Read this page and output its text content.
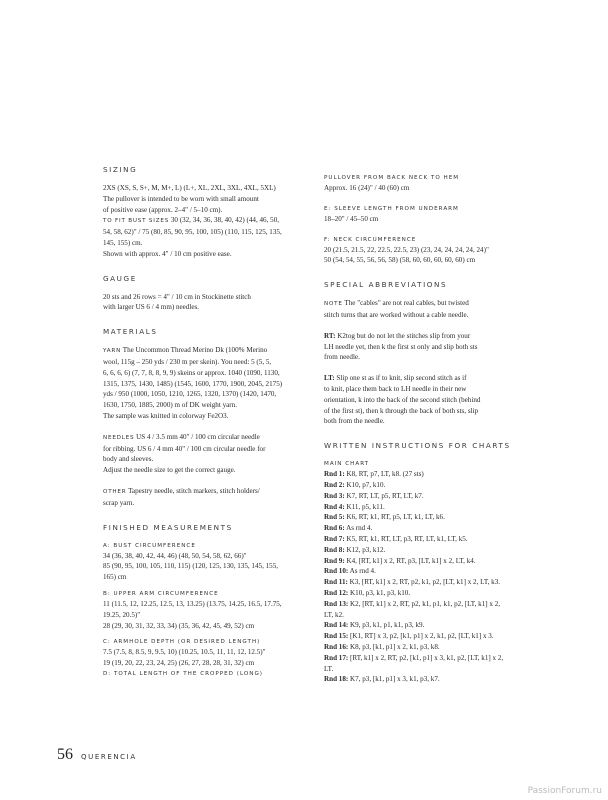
SIZING

2XS (XS, S, S+, M, M+, L) (L+, XL, 2XL, 3XL, 4XL, 5XL)

The pullover is intended to be worn with small amount

of positive ease (approx. 2–4" / 5–10 cm).

TO FIT BUST SIZES 30 (32, 34, 36, 38, 40, 42) (44, 46, 50,

54, 58, 62)" / 75 (80, 85, 90, 95, 100, 105) (110, 115, 125, 135,

145, 155) cm.

Shown with approx. 4" / 10 cm positive ease.

GAUGE

20 sts and 26 rows = 4" / 10 cm in Stockinette stitch

with larger US 6 / 4 mm) needles.

MATERIALS

YARN The Uncommon Thread Merino Dk (100% Merino

wool, 115g – 250 yds / 230 m per skein). You need: 5 (5, 5,

6, 6, 6, 6) (7, 7, 8, 8, 9, 9) skeins or approx. 1040 (1090, 1130,

1315, 1375, 1430, 1485) (1545, 1600, 1770, 1900, 2045, 2175)

yds / 950 (1000, 1050, 1210, 1265, 1320, 1370) (1420, 1470,

1630, 1750, 1885, 2000) m of DK weight yarn.

The sample was knitted in colorway Fe2O3.

NEEDLES US 4 / 3.5 mm 40" / 100 cm circular needle

for ribbing. US 6 / 4 mm 40" / 100 cm circular needle for

body and sleeves.

Adjust the needle size to get the correct gauge.

OTHER Tapestry needle, stitch markers, stitch holders/

scrap yarn.

FINISHED MEASUREMENTS
A: BUST CIRCUMFERENCE

34 (36, 38, 40, 42, 44, 46) (48, 50, 54, 58, 62, 66)"

85 (90, 95, 100, 105, 110, 115) (120, 125, 130, 135, 145, 155,

165) cm

B: UPPER ARM CIRCUMFERENCE

11 (11.5, 12, 12.25, 12.5, 13, 13.25) (13.75, 14.25, 16.5, 17.75,

19.25, 20.5)"

28 (29, 30, 31, 32, 33, 34) (35, 36, 42, 45, 49, 52) cm

C: ARMHOLE DEPTH (OR DESIRED LENGTH)

7.5 (7.5, 8, 8.5, 9, 9.5, 10) (10.25, 10.5, 11, 11, 12, 12.5)"

19 (19, 20, 22, 23, 24, 25) (26, 27, 28, 28, 31, 32) cm

D: TOTAL LENGTH OF THE CROPPED (LONG)
PULLOVER FROM BACK NECK TO HEM

Approx. 16 (24)" / 40 (60) cm

E: SLEEVE LENGTH FROM UNDERARM

18–20" / 45–50 cm

F: NECK CIRCUMFERENCE

20 (21.5, 21.5, 22, 22.5, 22.5, 23) (23, 24, 24, 24, 24, 24)"

50 (54, 54, 55, 56, 56, 58) (58, 60, 60, 60, 60, 60) cm

SPECIAL ABBREVIATIONS

NOTE The "cables" are not real cables, but twisted

stitch turns that are worked without a cable needle.

RT: K2tog but do not let the stitches slip from your

LH needle yet, then k the first st only and slip both sts

from needle.

LT: Slip one st as if to knit, slip second stitch as if

to knit, place them back to LH needle in their new

orientation, k into the back of the second stitch (behind

of the first st), then k through the back of both sts, slip

both from the needle.

WRITTEN INSTRUCTIONS FOR CHARTS
MAIN CHART
Rnd 1: K8, RT, p7, LT, k8. (27 sts)
Rnd 2: K10, p7, k10.
Rnd 3: K7, RT, LT, p5, RT, LT, k7.
Rnd 4: K11, p5, k11.
Rnd 5: K6, RT, k1, RT, p5, LT, k1, LT, k6.
Rnd 6: As rnd 4.
Rnd 7: K5, RT, k1, RT, LT, p3, RT, LT, k1, LT, k5.
Rnd 8: K12, p3, k12.
Rnd 9: K4, [RT, k1] x 2, RT, p3, [LT, k1] x 2, LT, k4.
Rnd 10: As rnd 4.
Rnd 11: K3, [RT, k1] x 2, RT, p2, k1, p2, [LT, k1] x 2, LT, k3.
Rnd 12: K10, p3, k1, p3, k10.
Rnd 13: K2, [RT, k1] x 2, RT, p2, k1, p1, k1, p2, [LT, k1] x 2,
LT, k2.
Rnd 14: K9, p3, k1, p1, k1, p3, k9.
Rnd 15: [K1, RT] x 3, p2, [k1, p1] x 2, k1, p2, [LT, k1] x 3.
Rnd 16: K8, p3, [k1, p1] x 2, k1, p3, k8.
Rnd 17: [RT, k1] x 2, RT, p2, [k1, p1] x 3, k1, p2, [LT, k1] x 2,
LT.
Rnd 18: K7, p3, [k1, p1] x 3, k1, p3, k7.
56 QUERENCIA
PassionForum.ru
